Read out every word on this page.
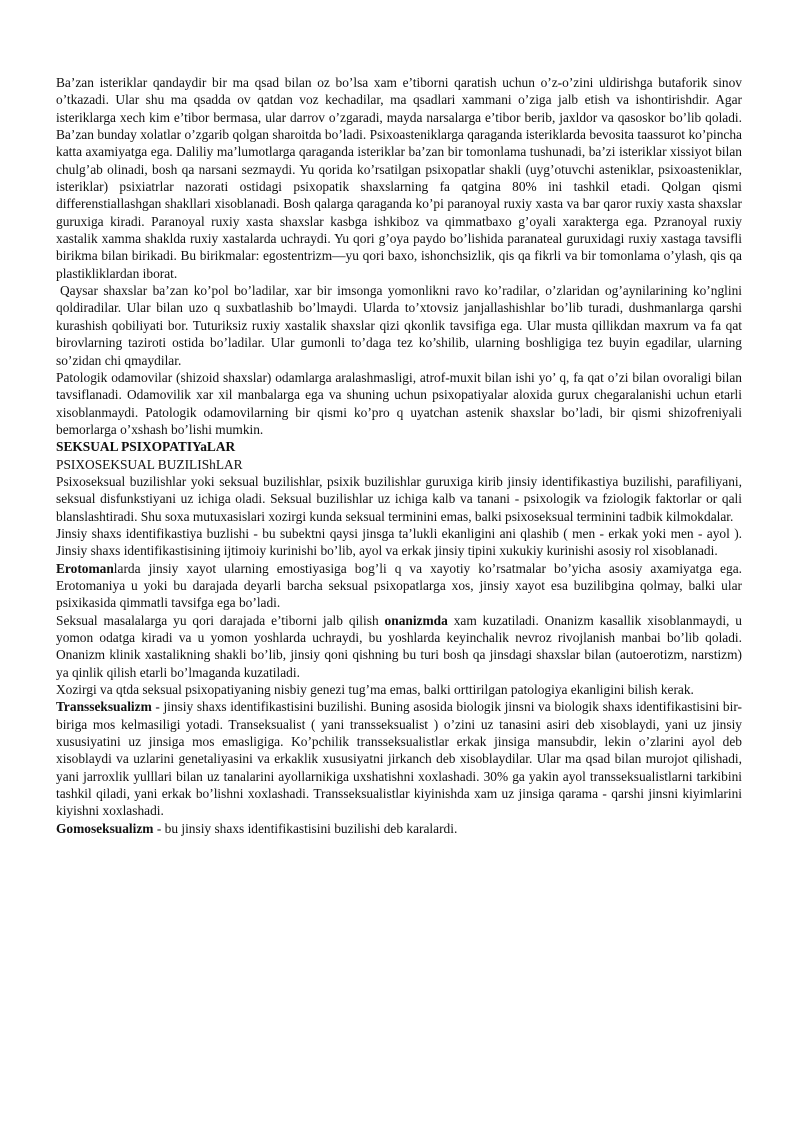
Ba’zan isteriklar qandaydir bir ma qsad bilan oz bo’lsa xam e’tiborni qaratish uchun o’z-o’zini uldirishga butaforik sinov o’tkazadi. Ular shu ma qsadda ov qatdan voz kechadilar, ma qsadlari xammani o’ziga jalb etish va ishontirishdir. Agar isteriklarga xech kim e’tibor bermasa, ular darrov o’zgaradi, mayda narsalarga e’tibor berib, jaxldor va qasoskor bo’lib qoladi. Ba’zan bunday xolatlar o’zgarib qolgan sharoitda bo’ladi. Psixoasteniklarga qaraganda isteriklarda bevosita taassurot ko’pincha katta axamiyatga ega. Daliliy ma’lumotlarga qaraganda isteriklar ba’zan bir tomonlama tushunadi, ba’zi isteriklar xissiyot bilan chulg’ab olinadi, bosh qa narsani sezmaydi. Yu qorida ko’rsatilgan psixopatlar shakli (uyg’otuvchi asteniklar, psixoasteniklar, isteriklar) psixiatrlar nazorati ostidagi psixopatik shaxslarning fa qatgina 80% ini tashkil etadi. Qolgan qismi differenstiallashgan shakllari xisoblanadi. Bosh qalarga qaraganda ko’pi paranoyal ruxiy xasta va bar qaror ruxiy xasta shaxslar guruxiga kiradi. Paranoyal ruxiy xasta shaxslar kasbga ishkiboz va qimmatbaxo g’oyali xarakterga ega. Pzranoyal ruxiy xastalik xamma shaklda ruxiy xastalarda uchraydi. Yu qori g’oya paydo bo’lishida paranateal guruxidagi ruxiy xastaga tavsifli birikma bilan birikadi. Bu birikmalar: egostentrizm—yu qori baxo, ishonchsizlik, qis qa fikrli va bir tomonlama o’ylash, qis qa plastikliklardan iborat.

Qaysar shaxslar ba’zan ko’pol bo’ladilar, xar bir imsonga yomonlikni ravo ko’radilar, o’zlaridan og’aynilarining ko’nglini qoldiradilar. Ular bilan uzo q suxbatlashib bo’lmaydi. Ularda to’xtovsiz janjallashishlar bo’lib turadi, dushmanlarga qarshi kurashish qobiliyati bor. Tuturiksiz ruxiy xastalik shaxslar qizi qkonlik tavsifiga ega. Ular musta qillikdan maxrum va fa qat birovlarning taziroti ostida bo’ladilar. Ular gumonli to’daga tez ko’shilib, ularning boshligiga tez buyin egadilar, ularning so’zidan chi qmaydilar.

Patologik odamovilar (shizoid shaxslar) odamlarga aralashmasligi, atrof-muxit bilan ishi yo’ q, fa qat o’zi bilan ovoraligi bilan tavsiflanadi. Odamovilik xar xil manbalarga ega va shuning uchun psixopatiyalar aloxida gurux chegaralanishi uchun etarli xisoblanmaydi. Patologik odamovilarning bir qismi ko’pro q uyatchan astenik shaxslar bo’ladi, bir qismi shizofreniyali bemorlarga o’xshash bo’lishi mumkin.

SEKSUAL PSIXOPATIYaLAR

PSIXOSEKSUAL BUZILIShLAR

Psixoseksual buzilishlar yoki seksual buzilishlar, psixik buzilishlar guruxiga kirib jinsiy identifikastiya buzilishi, parafiliyani, seksual disfunkstiyani uz ichiga oladi. Seksual buzilishlar uz ichiga kalb va tanani - psixologik va fziologik faktorlar or qali blanslashtiradi. Shu soxa mutuxasislari xozirgi kunda seksual terminini emas, balki psixoseksual terminini tadbik kilmokdalar.

Jinsiy shaxs identifikastiya buzlishi - bu subektni qaysi jinsga ta’lukli ekanligini ani qlashib ( men - erkak yoki men - ayol ). Jinsiy shaxs identifikastisining ijtimoiy kurinishi bo’lib, ayol va erkak jinsiy tipini xukukiy kurinishi asosiy rol xisoblanadi.

Erotomanlarda jinsiy xayot ularning emostiyasiga bog’li q va xayotiy ko’rsatmalar bo’yicha asosiy axamiyatga ega. Erotomaniya u yoki bu darajada deyarli barcha seksual psixopatlarga xos, jinsiy xayot esa buzilibgina qolmay, balki ular psixikasida qimmatli tavsifga ega bo’ladi.

Seksual masalalarga yu qori darajada e’tiborni jalb qilish onanizmda xam kuzatiladi. Onanizm kasallik xisoblanmaydi, u yomon odatga kiradi va u yomon yoshlarda uchraydi, bu yoshlarda keyinchalik nevroz rivojlanish manbai bo’lib qoladi. Onanizm klinik xastalikning shakli bo’lib, jinsiy qoni qishning bu turi bosh qa jinsdagi shaxslar bilan (autoerotizm, narstizm) ya qinlik qilish etarli bo’lmaganda kuzatiladi.

Xozirgi va qtda seksual psixopatiyaning nisbiy genezi tug’ma emas, balki orttirilgan patologiya ekanligini bilish kerak.

Transseksualizm - jinsiy shaxs identifikastisini buzilishi. Buning asosida biologik jinsni va biologik shaxs identifikastisini bir-biriga mos kelmasiligi yotadi. Transeksualist ( yani transseksualist ) o’zini uz tanasini asiri deb xisoblaydi, yani uz jinsiy xususiyatini uz jinsiga mos emasligiga. Ko’pchilik transseksualistlar erkak jinsiga mansubdir, lekin o’zlarini ayol deb xisoblaydi va uzlarini genetaliyasini va erkaklik xususiyatni jirkanch deb xisoblaydilar. Ular ma qsad bilan murojot qilishadi, yani jarroxlik yulllari bilan uz tanalarini ayollarnikiga uxshatishni xoxlashadi. 30% ga yakin ayol transseksualistlarni tarkibini tashkil qiladi, yani erkak bo’lishni xoxlashadi. Transseksualistlar kiyinishda xam uz jinsiga qarama - qarshi jinsni kiyimlarini kiyishni xoxlashadi.

Gomoseksualizm - bu jinsiy shaxs identifikastisini buzilishi deb karalardi.
